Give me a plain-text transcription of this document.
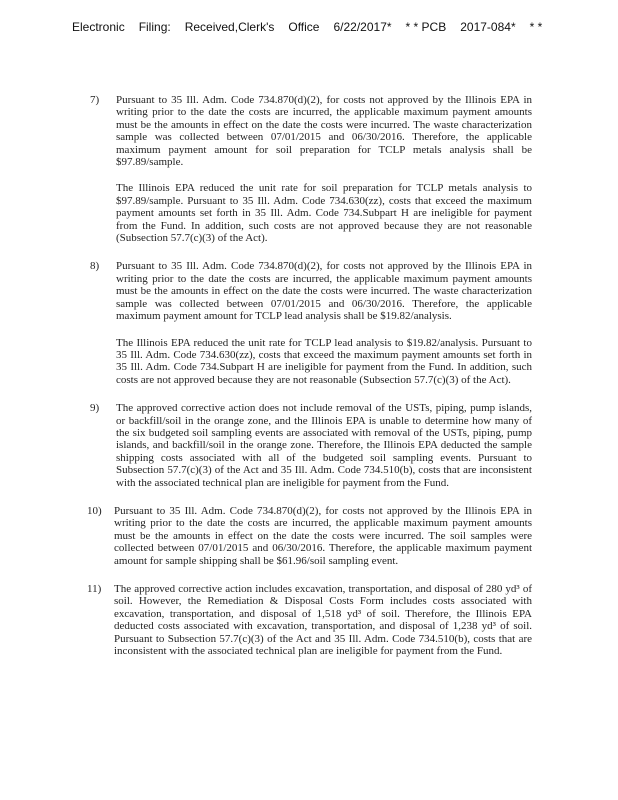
Electronic Filing: Received,Clerk's Office 6/22/2017* * * PCB 2017-084* * *
7)	Pursuant to 35 Ill. Adm. Code 734.870(d)(2), for costs not approved by the Illinois EPA in writing prior to the date the costs are incurred, the applicable maximum payment amounts must be the amounts in effect on the date the costs were incurred. The waste characterization sample was collected between 07/01/2015 and 06/30/2016. Therefore, the applicable maximum payment amount for soil preparation for TCLP metals analysis shall be $97.89/sample.

The Illinois EPA reduced the unit rate for soil preparation for TCLP metals analysis to $97.89/sample. Pursuant to 35 Ill. Adm. Code 734.630(zz), costs that exceed the maximum payment amounts set forth in 35 Ill. Adm. Code 734.Subpart H are ineligible for payment from the Fund. In addition, such costs are not approved because they are not reasonable (Subsection 57.7(c)(3) of the Act).

8)	Pursuant to 35 Ill. Adm. Code 734.870(d)(2), for costs not approved by the Illinois EPA in writing prior to the date the costs are incurred, the applicable maximum payment amounts must be the amounts in effect on the date the costs were incurred. The waste characterization sample was collected between 07/01/2015 and 06/30/2016. Therefore, the applicable maximum payment amount for TCLP lead analysis shall be $19.82/analysis.

The Illinois EPA reduced the unit rate for TCLP lead analysis to $19.82/analysis. Pursuant to 35 Ill. Adm. Code 734.630(zz), costs that exceed the maximum payment amounts set forth in 35 Ill. Adm. Code 734.Subpart H are ineligible for payment from the Fund. In addition, such costs are not approved because they are not reasonable (Subsection 57.7(c)(3) of the Act).

9)	The approved corrective action does not include removal of the USTs, piping, pump islands, or backfill/soil in the orange zone, and the Illinois EPA is unable to determine how many of the six budgeted soil sampling events are associated with removal of the USTs, piping, pump islands, and backfill/soil in the orange zone. Therefore, the Illinois EPA deducted the sample shipping costs associated with all of the budgeted soil sampling events. Pursuant to Subsection 57.7(c)(3) of the Act and 35 Ill. Adm. Code 734.510(b), costs that are inconsistent with the associated technical plan are ineligible for payment from the Fund.

10)	Pursuant to 35 Ill. Adm. Code 734.870(d)(2), for costs not approved by the Illinois EPA in writing prior to the date the costs are incurred, the applicable maximum payment amounts must be the amounts in effect on the date the costs were incurred. The soil samples were collected between 07/01/2015 and 06/30/2016. Therefore, the applicable maximum payment amount for sample shipping shall be $61.96/soil sampling event.

11)	The approved corrective action includes excavation, transportation, and disposal of 280 yd³ of soil. However, the Remediation & Disposal Costs Form includes costs associated with excavation, transportation, and disposal of 1,518 yd³ of soil. Therefore, the Illinois EPA deducted costs associated with excavation, transportation, and disposal of 1,238 yd³ of soil. Pursuant to Subsection 57.7(c)(3) of the Act and 35 Ill. Adm. Code 734.510(b), costs that are inconsistent with the associated technical plan are ineligible for payment from the Fund.
